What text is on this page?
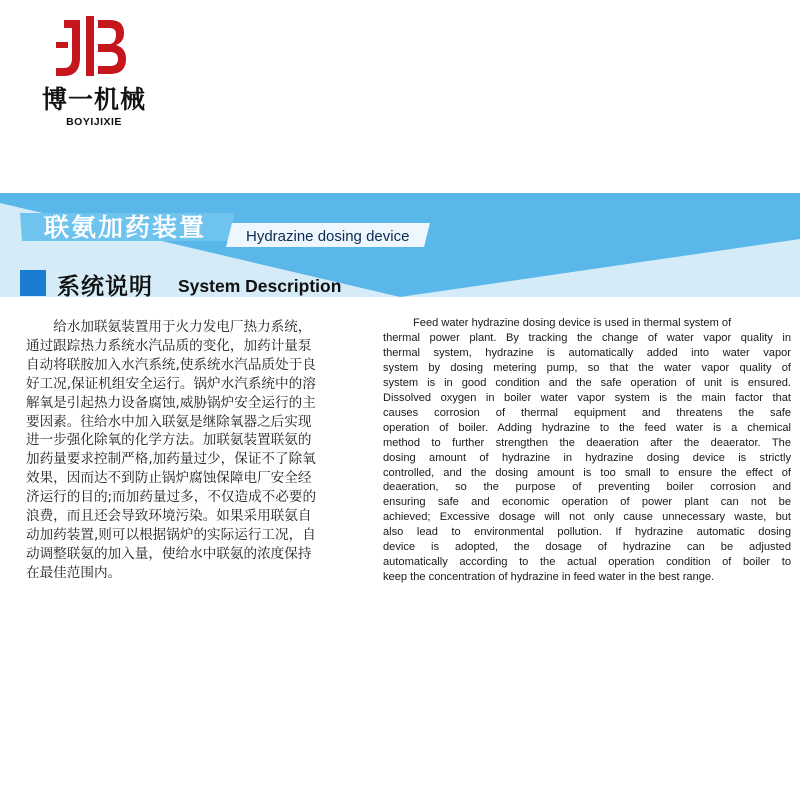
博一机械
BOYIJIXIE
联氨加药装置	Hydrazine dosing device
系统说明 System Description
　　给水加联氨装置用于火力发电厂热力系统，
通过跟踪热力系统水汽品质的变化，加药计量泵
自动将联胺加入水汽系统,使系统水汽品质处于良
好工况,保证机组安全运行。锅炉水汽系统中的溶
解氧是引起热力设备腐蚀,威胁锅炉安全运行的主
要因素。往给水中加入联氨是继除氧器之后实现
进一步强化除氧的化学方法。加联氨装置联氨的
加药量要求控制严格,加药量过少，保证不了除氧
效果，因而达不到防止锅炉腐蚀保障电厂安全经
济运行的目的;而加药量过多，不仅造成不必要的
浪费，而且还会导致环境污染。如果采用联氨自
动加药装置,则可以根据锅炉的实际运行工况，自
动调整联氨的加入量，使给水中联氨的浓度保持
在最佳范围内。
Feed water hydrazine dosing device is used in thermal system of
thermal power plant. By tracking the change of water vapor quality in
thermal system, hydrazine is automatically added into water vapor
system by dosing metering pump, so that the water vapor quality of
system is in good condition and the safe operation of unit is ensured.
Dissolved oxygen in boiler water vapor system is the main factor that
causes corrosion of thermal equipment and threatens the safe
operation of boiler. Adding hydrazine to the feed water is a chemical
method to further strengthen the deaeration after the deaerator. The
dosing amount of hydrazine in hydrazine dosing device is strictly
controlled, and the dosing amount is too small to ensure the effect of
deaeration, so the purpose of preventing boiler corrosion and
ensuring safe and economic operation of power plant can not be
achieved; Excessive dosage will not only cause unnecessary waste, but
also lead to environmental pollution. If hydrazine automatic dosing
device is adopted, the dosage of hydrazine can be adjusted
automatically according to the actual operation condition of boiler to
keep the concentration of hydrazine in feed water in the best range.
